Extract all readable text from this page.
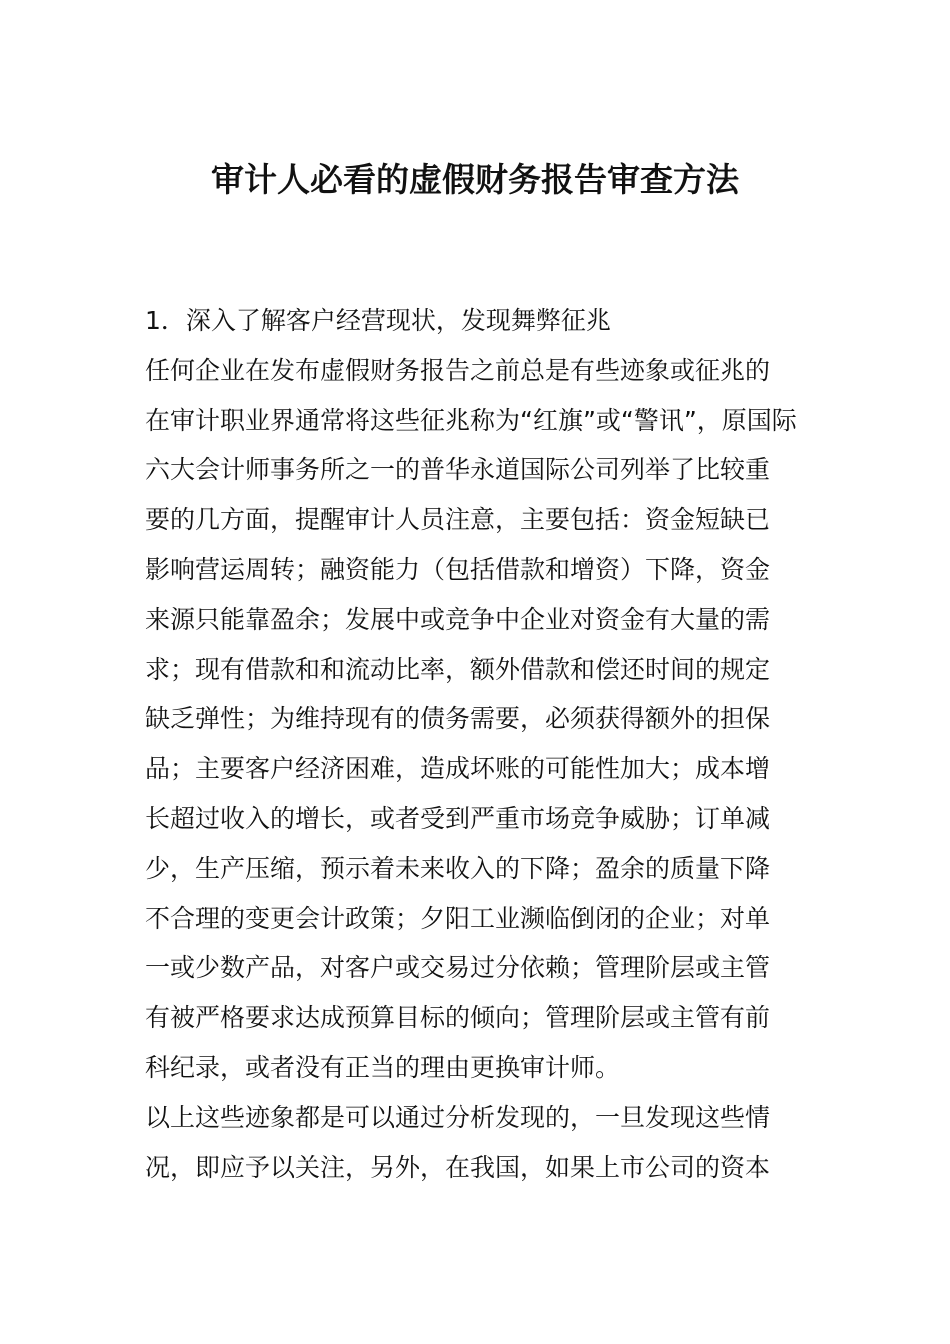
审计人必看的虚假财务报告审查方法
1．深入了解客户经营现状，发现舞弊征兆
任何企业在发布虚假财务报告之前总是有些迹象或征兆的
在审计职业界通常将这些征兆称为“红旗”或“警讯”，原国际
六大会计师事务所之一的普华永道国际公司列举了比较重
要的几方面，提醒审计人员注意，主要包括：资金短缺已
影响营运周转；融资能力（包括借款和增资）下降，资金
来源只能靠盈余；发展中或竞争中企业对资金有大量的需
求；现有借款和和流动比率，额外借款和偿还时间的规定
缺乏弹性；为维持现有的债务需要，必须获得额外的担保
品；主要客户经济困难，造成坏账的可能性加大；成本增
长超过收入的增长，或者受到严重市场竞争威胁；订单减
少，生产压缩，预示着未来收入的下降；盈余的质量下降
不合理的变更会计政策；夕阳工业濒临倒闭的企业；对单
一或少数产品，对客户或交易过分依赖；管理阶层或主管
有被严格要求达成预算目标的倾向；管理阶层或主管有前
科纪录，或者没有正当的理由更换审计师。
以上这些迹象都是可以通过分析发现的，一旦发现这些情
况，即应予以关注，另外，在我国，如果上市公司的资本
